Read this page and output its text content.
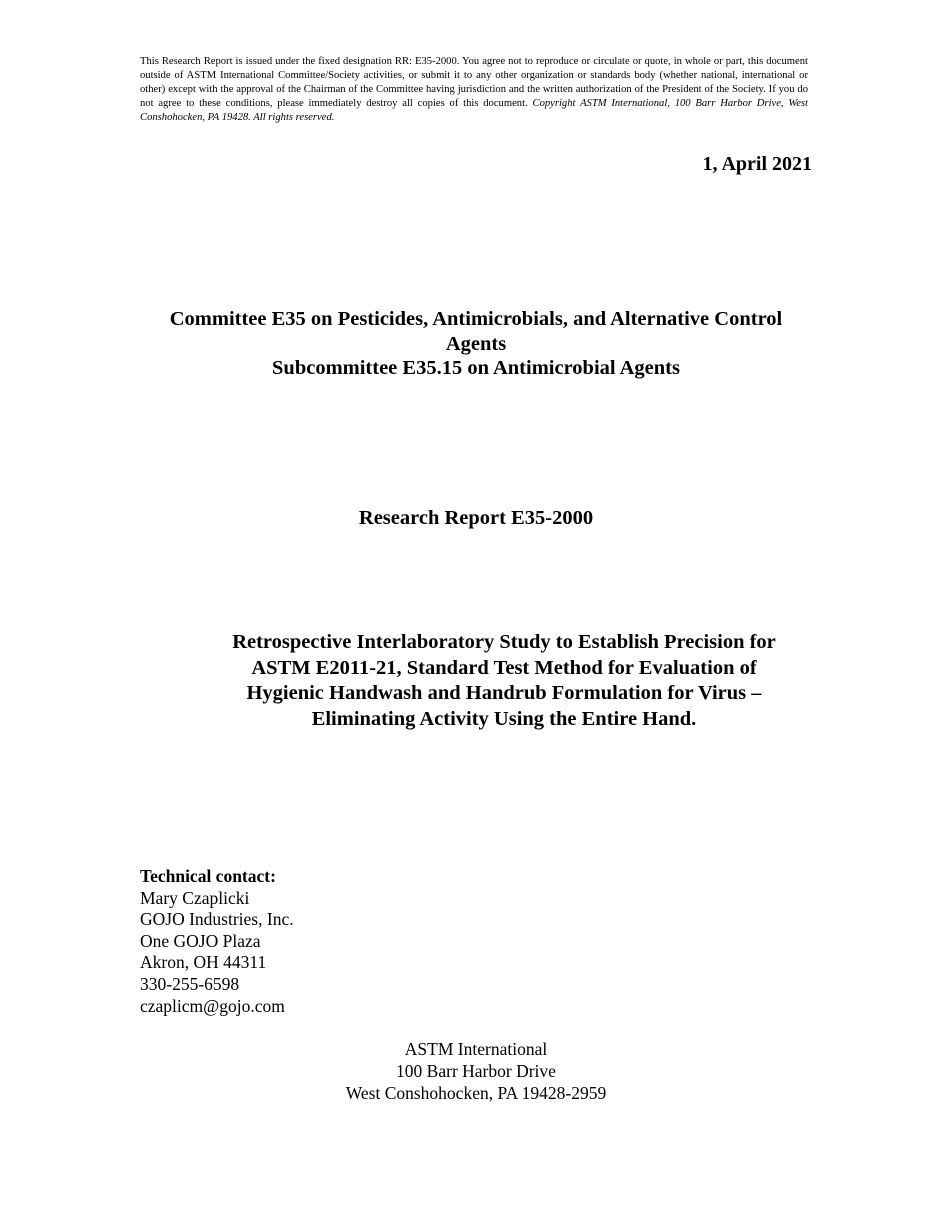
This Research Report is issued under the fixed designation RR: E35-2000. You agree not to reproduce or circulate or quote, in whole or part, this document outside of ASTM International Committee/Society activities, or submit it to any other organization or standards body (whether national, international or other) except with the approval of the Chairman of the Committee having jurisdiction and the written authorization of the President of the Society. If you do not agree to these conditions, please immediately destroy all copies of this document. Copyright ASTM International, 100 Barr Harbor Drive, West Conshohocken, PA 19428. All rights reserved.
1, April 2021
Committee E35 on Pesticides, Antimicrobials, and Alternative Control Agents
Subcommittee E35.15 on Antimicrobial Agents
Research Report E35-2000
Retrospective Interlaboratory Study to Establish Precision for
ASTM E2011-21, Standard Test Method for Evaluation of
Hygienic Handwash and Handrub Formulation for Virus –
Eliminating Activity Using the Entire Hand.
Technical contact:
Mary Czaplicki
GOJO Industries, Inc.
One GOJO Plaza
Akron, OH 44311
330-255-6598
czaplicm@gojo.com
ASTM International
100 Barr Harbor Drive
West Conshohocken, PA 19428-2959
